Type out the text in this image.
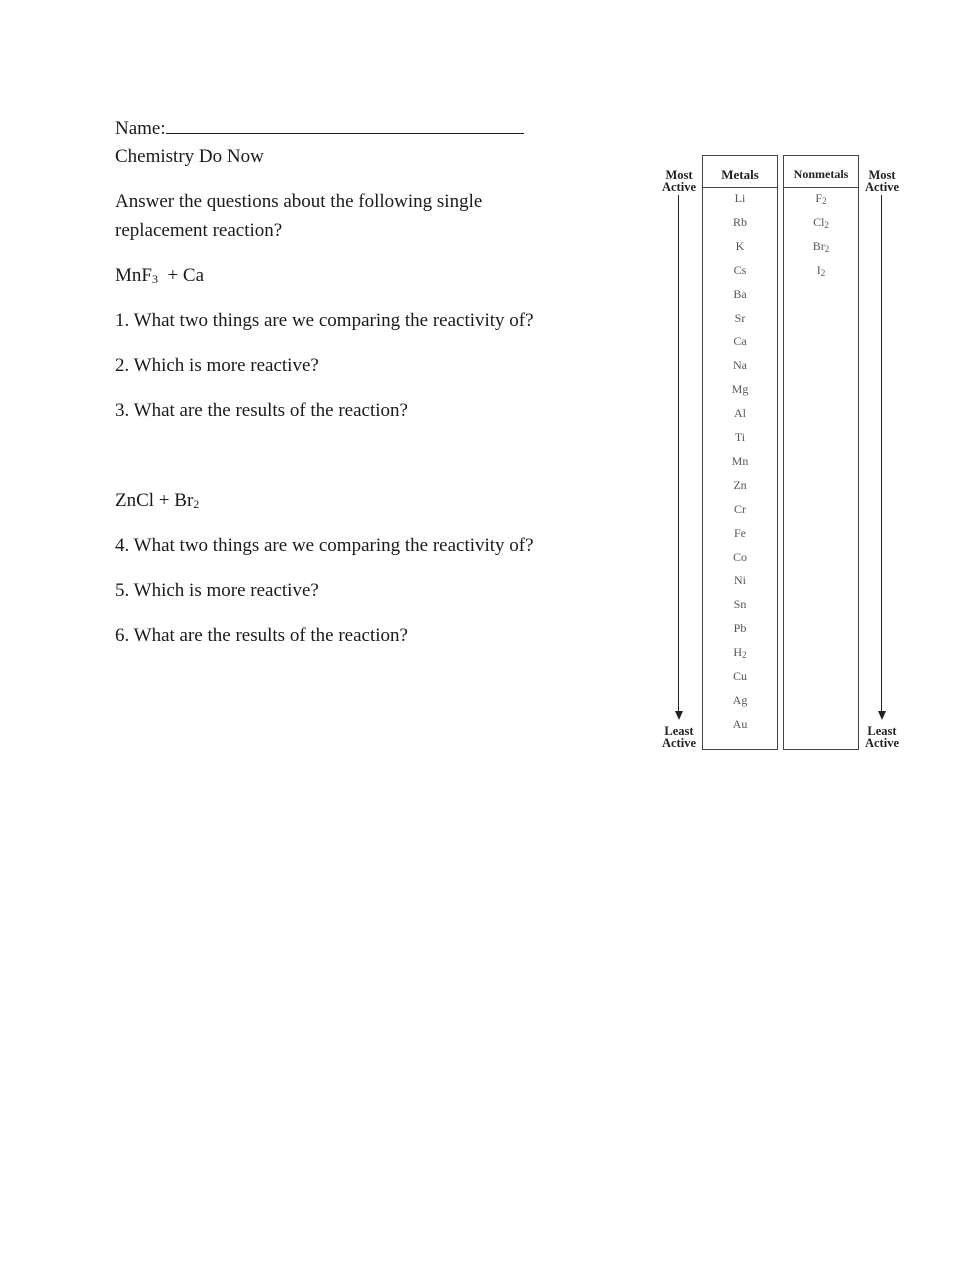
Name:
Chemistry Do Now
Answer the questions about the following single
replacement reaction?
MnF3  + Ca
1. What two things are we comparing the reactivity of?
2. Which is more reactive?
3. What are the results of the reaction?
ZnCl + Br2
4. What two things are we comparing the reactivity of?
5. Which is more reactive?
6. What are the results of the reaction?
Most
Active
Least
Active
Metals
Li
Rb
K
Cs
Ba
Sr
Ca
Na
Mg
Al
Ti
Mn
Zn
Cr
Fe
Co
Ni
Sn
Pb
$H_2$
Cu
Ag
Au
Nonmetals
$F_2$
$Cl_2$
$Br_2$
$I_2$
Most
Active
Least
Active
